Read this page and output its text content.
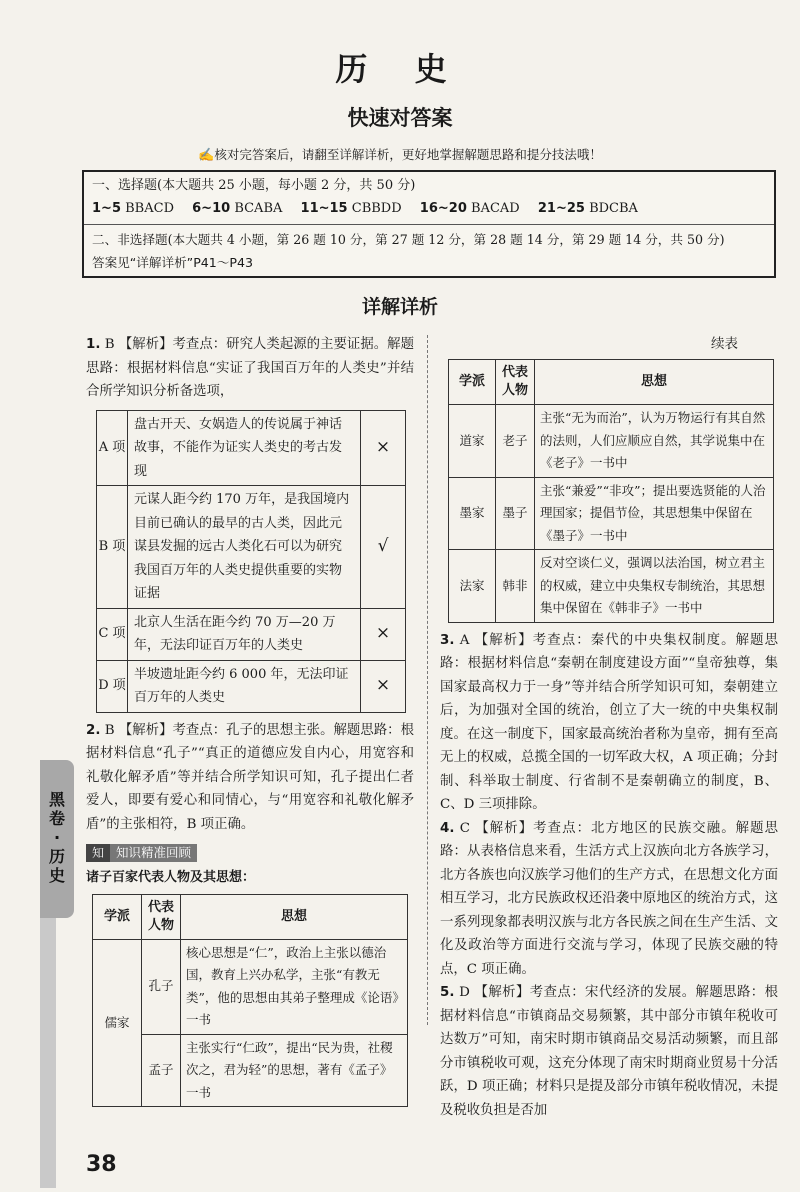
历 史
快速对答案
✍核对完答案后，请翻至详解详析，更好地掌握解题思路和提分技法哦！
一、选择题(本大题共 25 小题，每小题 2 分，共 50 分)
1~5 BBACD 6~10 BCABA 11~15 CBBDD 16~20 BACAD 21~25 BDCBA
二、非选择题(本大题共 4 小题，第 26 题 10 分，第 27 题 12 分，第 28 题 14 分，第 29 题 14 分，共 50 分)
答案见“详解详析”P41～P43
详解详析
1. B 【解析】考查点：研究人类起源的主要证据。解题思路：根据材料信息“实证了我国百万年的人类史”并结合所学知识分析备选项，
A 项	盘古开天、女娲造人的传说属于神话故事，不能作为证实人类史的考古发现	×
B 项	元谋人距今约 170 万年，是我国境内目前已确认的最早的古人类，因此元谋县发掘的远古人类化石可以为研究我国百万年的人类史提供重要的实物证据	√
C 项	北京人生活在距今约 70 万—20 万年，无法印证百万年的人类史	×
D 项	半坡遗址距今约 6 000 年，无法印证百万年的人类史	×
2. B 【解析】考查点：孔子的思想主张。解题思路：根据材料信息“孔子”“真正的道德应发自内心，用宽容和礼敬化解矛盾”等并结合所学知识可知，孔子提出仁者爱人，即要有爱心和同情心，与“用宽容和礼敬化解矛盾”的主张相符，B 项正确。
知 知识精准回顾
诸子百家代表人物及其思想：
学派	代表人物	思想
儒家	孔子	核心思想是“仁”，政治上主张以德治国，教育上兴办私学，主张“有教无类”，他的思想由其弟子整理成《论语》一书
	孟子	主张实行“仁政”，提出“民为贵，社稷次之，君为轻”的思想，著有《孟子》一书
续表
学派	代表人物	思想
道家	老子	主张“无为而治”，认为万物运行有其自然的法则，人们应顺应自然，其学说集中在《老子》一书中
墨家	墨子	主张“兼爱”“非攻”；提出要选贤能的人治理国家；提倡节俭，其思想集中保留在《墨子》一书中
法家	韩非	反对空谈仁义，强调以法治国，树立君主的权威，建立中央集权专制统治，其思想集中保留在《韩非子》一书中
3. A 【解析】考查点：秦代的中央集权制度。解题思路：根据材料信息“秦朝在制度建设方面”“皇帝独尊，集国家最高权力于一身”等并结合所学知识可知，秦朝建立后，为加强对全国的统治，创立了大一统的中央集权制度。在这一制度下，国家最高统治者称为皇帝，拥有至高无上的权威，总揽全国的一切军政大权，A 项正确；分封制、科举取士制度、行省制不是秦朝确立的制度，B、C、D 三项排除。
4. C 【解析】考查点：北方地区的民族交融。解题思路：从表格信息来看，生活方式上汉族向北方各族学习，北方各族也向汉族学习他们的生产方式，在思想文化方面相互学习，北方民族政权还沿袭中原地区的统治方式，这一系列现象都表明汉族与北方各民族之间在生产生活、文化及政治等方面进行交流与学习，体现了民族交融的特点，C 项正确。
5. D 【解析】考查点：宋代经济的发展。解题思路：根据材料信息“市镇商品交易频繁，其中部分市镇年税收可达数万”可知，南宋时期市镇商品交易活动频繁，而且部分市镇税收可观，这充分体现了南宋时期商业贸易十分活跃，D 项正确；材料只是提及部分市镇年税收情况，未提及税收负担是否加
黑卷·历史
38
